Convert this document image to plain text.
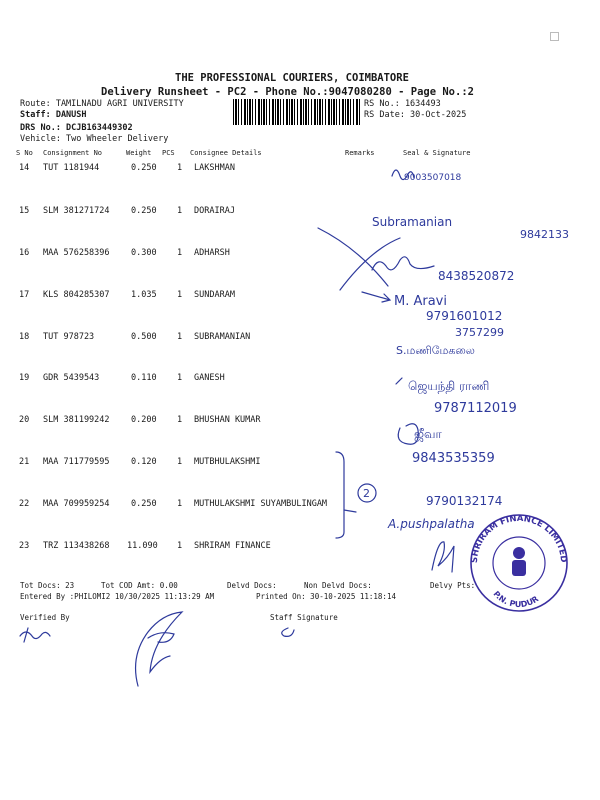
THE PROFESSIONAL COURIERS, COIMBATORE
Delivery Runsheet - PC2 - Phone No.:9047080280 - Page No.:2
Route: TAMILNADU AGRI UNIVERSITY
Staff: DANUSH
DRS No.: DCJB163449302
Vehicle: Two Wheeler Delivery
RS No.: 1634493
RS Date: 30-Oct-2025
S No Consignment No	Weight PCS Consignee Details	Remarks	Seal & Signature
14 TUT 1181944	0.250 1 LAKSHMAN
15 SLM 381271724	0.250 1 DORAIRAJ
16 MAA 576258396	0.300 1 ADHARSH
17 KLS 804285307	1.035 1 SUNDARAM
18 TUT 978723	0.500 1 SUBRAMANIAN
19 GDR 5439543	0.110 1 GANESH
20 SLM 381199242	0.200 1 BHUSHAN KUMAR
21 MAA 711779595	0.120 1 MUTBHULAKSHMI
22 MAA 709959254	0.250 1 MUTHULAKSHMI SUYAMBULINGAM
23 TRZ 113438268 11.090 1 SHRIRAM FINANCE
9003507018
Subramanian
9842133
8438520872
M. Aravi
9791601012
3757299
S.மணிமேகலை
ஜெயந்தி ராணி
9787112019
ஜீவா
9843535359
2
9790132174
A.pushpalatha
SHRIRAM FINANCE LIMITED
P.N. PUDUR
Tot Docs: 23	Tot COD Amt: 0.00	Delvd Docs:	Non Delvd Docs:	Delvy Pts:
Entered By :PHILOMI2 10/30/2025 11:13:29 AM	Printed On: 30-10-2025 11:18:14
Verified By	Staff Signature
